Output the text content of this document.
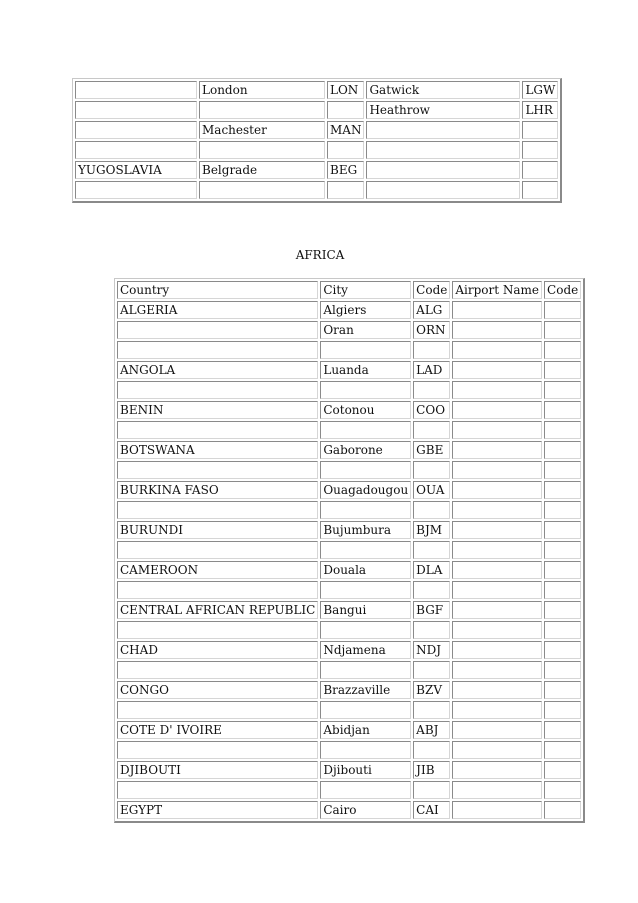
	London	LON	Gatwick	LGW
			Heathrow	LHR
	Machester	MAN		

YUGOSLAVIA	Belgrade	BEG		

AFRICA
Country	City	Code	Airport Name	Code
ALGERIA	Algiers	ALG		
	Oran	ORN		

ANGOLA	Luanda	LAD		

BENIN	Cotonou	COO		

BOTSWANA	Gaborone	GBE		

BURKINA FASO	Ouagadougou	OUA		

BURUNDI	Bujumbura	BJM		

CAMEROON	Douala	DLA		

CENTRAL AFRICAN REPUBLIC	Bangui	BGF		

CHAD	Ndjamena	NDJ		

CONGO	Brazzaville	BZV		

COTE D' IVOIRE	Abidjan	ABJ		

DJIBOUTI	Djibouti	JIB		

EGYPT	Cairo	CAI		
